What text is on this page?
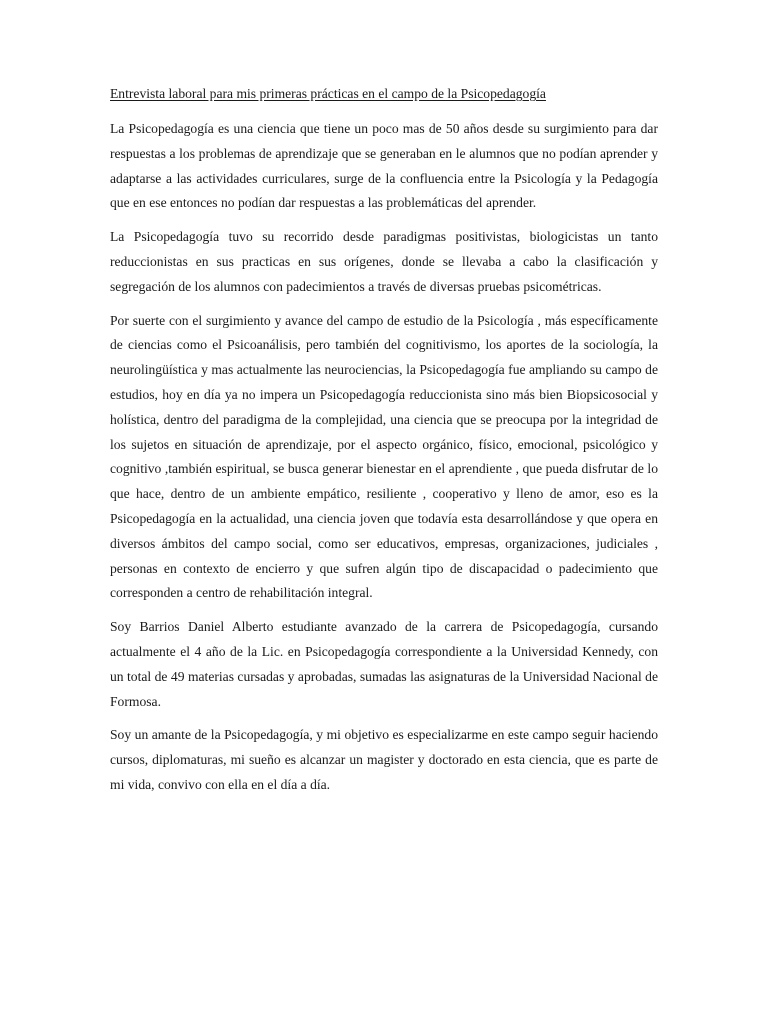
Entrevista laboral para mis primeras prácticas en el campo de la Psicopedagogía

La Psicopedagogía es una ciencia que tiene un poco mas de 50 años desde su surgimiento para dar respuestas a los problemas de aprendizaje que se generaban en le alumnos que no podían aprender y adaptarse a las actividades curriculares, surge de la confluencia entre la Psicología y la Pedagogía que en ese entonces no podían dar respuestas a las problemáticas del aprender.

La Psicopedagogía tuvo su recorrido desde paradigmas positivistas, biologicistas un tanto reduccionistas en sus practicas en sus orígenes, donde se llevaba a cabo la clasificación y segregación de los alumnos con padecimientos a través de diversas pruebas psicométricas.

Por suerte con el surgimiento y avance del campo de estudio de la Psicología , más específicamente de ciencias como el Psicoanálisis, pero también del cognitivismo, los aportes de la sociología, la neurolingüística y mas actualmente las neurociencias, la Psicopedagogía fue ampliando su campo de estudios, hoy en día ya no impera un Psicopedagogía reduccionista sino más bien Biopsicosocial y holística, dentro del paradigma de la complejidad, una ciencia que se preocupa por la integridad de los sujetos en situación de aprendizaje, por el aspecto orgánico, físico, emocional, psicológico y cognitivo ,también espiritual, se busca generar bienestar en el aprendiente , que pueda disfrutar de lo que hace, dentro de un ambiente empático, resiliente , cooperativo y lleno de amor, eso es la Psicopedagogía en la actualidad, una ciencia joven que todavía esta desarrollándose y que opera en diversos ámbitos del campo social, como ser educativos, empresas, organizaciones, judiciales , personas en contexto de encierro y que sufren algún tipo de discapacidad o padecimiento que corresponden a centro de rehabilitación integral.

Soy Barrios Daniel Alberto estudiante avanzado de la carrera de Psicopedagogía, cursando actualmente el 4 año de la Lic. en Psicopedagogía correspondiente a la Universidad Kennedy, con un total de 49 materias cursadas y aprobadas, sumadas las asignaturas de la Universidad Nacional de Formosa.

Soy un amante de la Psicopedagogía, y mi objetivo es especializarme en este campo seguir haciendo cursos, diplomaturas, mi sueño es alcanzar un magister y doctorado en esta ciencia, que es parte de mi vida, convivo con ella en el día a día.
